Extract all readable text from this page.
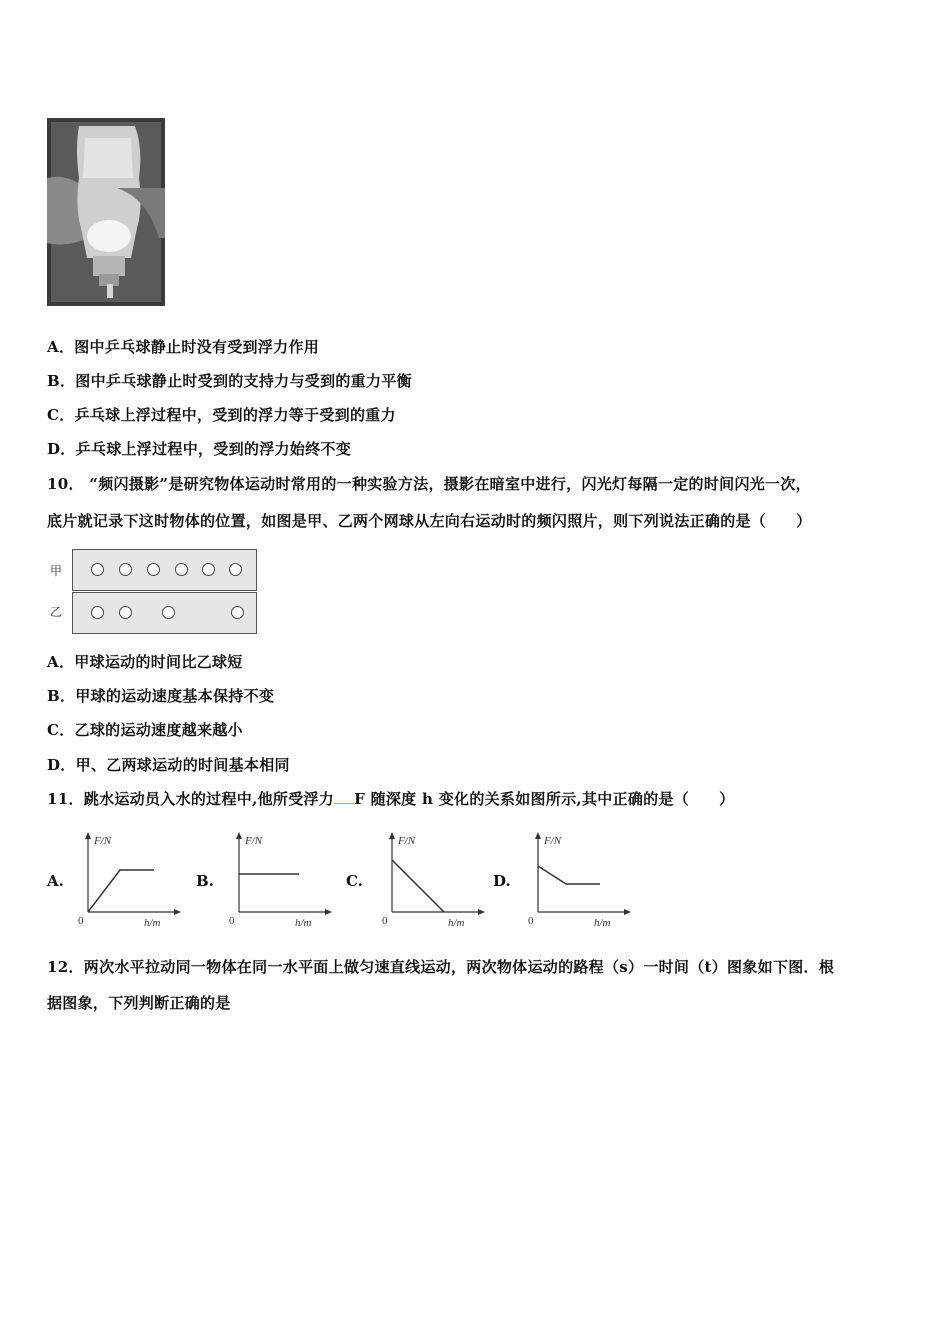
A．图中乒乓球静止时没有受到浮力作用
B．图中乒乓球静止时受到的支持力与受到的重力平衡
C．乒乓球上浮过程中，受到的浮力等于受到的重力
D．乒乓球上浮过程中，受到的浮力始终不变
10． “频闪摄影”是研究物体运动时常用的一种实验方法，摄影在暗室中进行，闪光灯每隔一定的时间闪光一次，
底片就记录下这时物体的位置，如图是甲、乙两个网球从左向右运动时的频闪照片，则下列说法正确的是（ ）
甲
乙
A．甲球运动的时间比乙球短
B．甲球的运动速度基本保持不变
C．乙球的运动速度越来越小
D．甲、乙两球运动的时间基本相同
11．跳水运动员入水的过程中,他所受浮力 F 随深度 h 变化的关系如图所示,其中正确的是（ ）
A.	B.	C.	D.
F/N
0	h/m
F/N
0	h/m
F/N
0	h/m
F/N
0	h/m
12．两次水平拉动同一物体在同一水平面上做匀速直线运动，两次物体运动的路程（s）一时间（t）图象如下图．根
据图象，下列判断正确的是
